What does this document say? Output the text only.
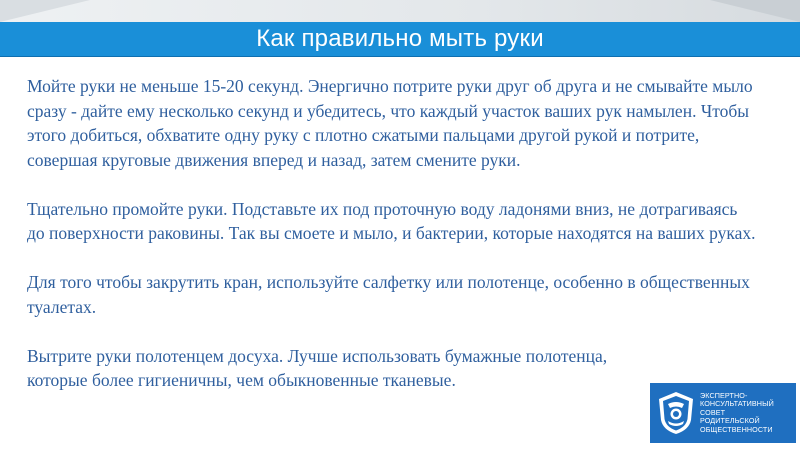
Как правильно мыть руки

Мойте руки не меньше 15-20 секунд. Энергично потрите руки друг об друга и не смывайте мыло сразу - дайте ему несколько секунд и убедитесь, что каждый участок ваших рук намылен. Чтобы этого добиться, обхватите одну руку с плотно сжатыми пальцами другой рукой и потрите, совершая круговые движения вперед и назад, затем смените руки.

Тщательно промойте руки. Подставьте их под проточную воду ладонями вниз, не дотрагиваясь до поверхности раковины. Так вы смоете и мыло, и бактерии, которые находятся на ваших руках.

Для того чтобы закрутить кран, используйте салфетку или полотенце, особенно в общественных туалетах.

Вытрите руки полотенцем досуха. Лучше использовать бумажные полотенца, которые более гигиеничны, чем обыкновенные тканевые.

ЭКСПЕРТНО-
КОНСУЛЬТАТИВНЫЙ
СОВЕТ
РОДИТЕЛЬСКОЙ
ОБЩЕСТВЕННОСТИ
